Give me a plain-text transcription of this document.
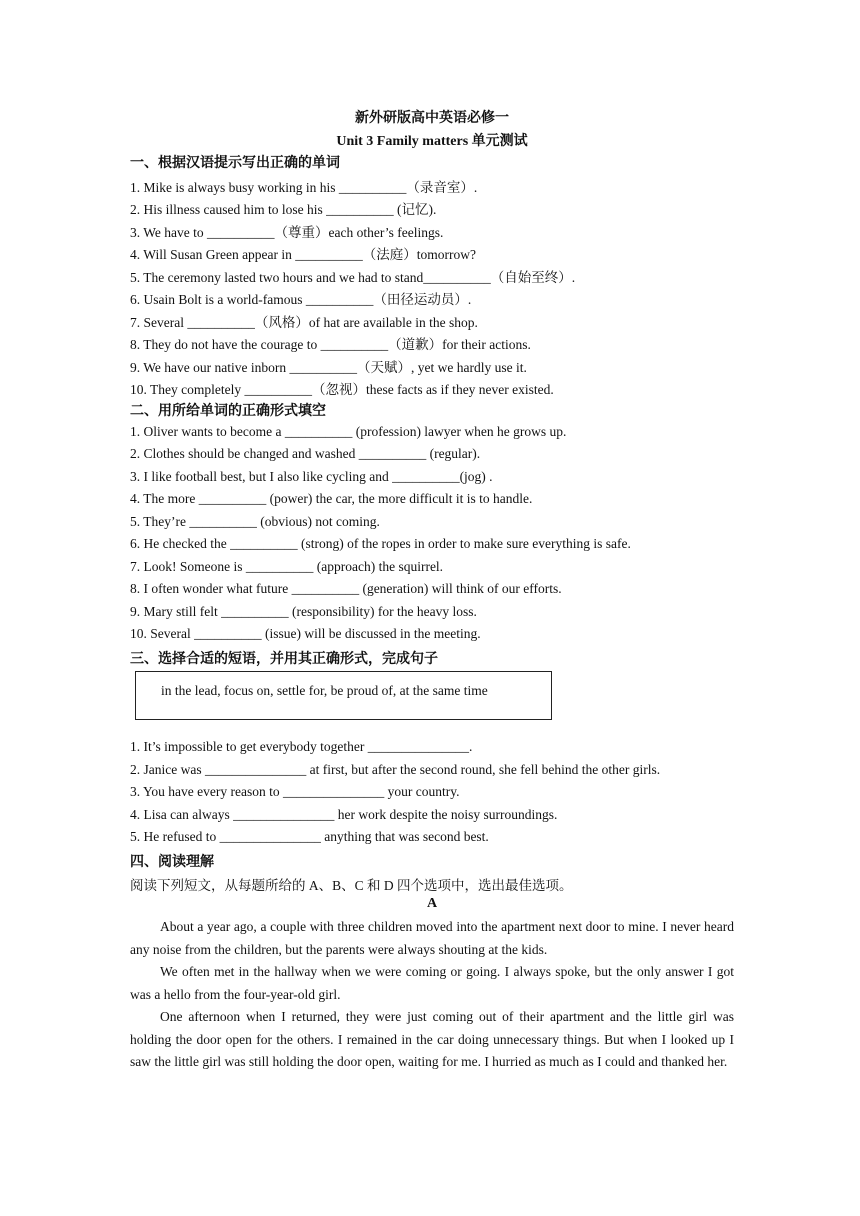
新外研版高中英语必修一
Unit 3 Family matters 单元测试
一、根据汉语提示写出正确的单词
1. Mike is always busy working in his __________（录音室）.
2. His illness caused him to lose his __________ (记忆).
3. We have to __________（尊重）each other’s feelings.
4. Will Susan Green appear in __________（法庭）tomorrow?
5. The ceremony lasted two hours and we had to stand__________（自始至终）.
6. Usain Bolt is a world-famous __________（田径运动员）.
7. Several __________（风格）of hat are available in the shop.
8. They do not have the courage to __________（道歉）for their actions.
9. We have our native inborn __________（天赋）, yet we hardly use it.
10. They completely __________（忽视）these facts as if they never existed.
二、用所给单词的正确形式填空
1. Oliver wants to become a __________ (profession) lawyer when he grows up.
2. Clothes should be changed and washed __________ (regular).
3. I like football best, but I also like cycling and __________(jog) .
4. The more __________ (power) the car, the more difficult it is to handle.
5. They’re __________ (obvious) not coming.
6. He checked the __________ (strong) of the ropes in order to make sure everything is safe.
7. Look! Someone is __________ (approach) the squirrel.
8. I often wonder what future __________ (generation) will think of our efforts.
9. Mary still felt __________ (responsibility) for the heavy loss.
10. Several __________ (issue) will be discussed in the meeting.
三、选择合适的短语，并用其正确形式，完成句子
in the lead, focus on, settle for, be proud of, at the same time
1. It’s impossible to get everybody together _______________.
2. Janice was _______________ at first, but after the second round, she fell behind the other girls.
3. You have every reason to _______________ your country.
4. Lisa can always _______________ her work despite the noisy surroundings.
5. He refused to _______________ anything that was second best.
四、阅读理解
阅读下列短文，从每题所给的 A、B、C 和 D 四个选项中，选出最佳选项。
A
About a year ago, a couple with three children moved into the apartment next door to mine. I never heard any noise from the children, but the parents were always shouting at the kids.
We often met in the hallway when we were coming or going. I always spoke, but the only answer I got was a hello from the four-year-old girl.
One afternoon when I returned, they were just coming out of their apartment and the little girl was holding the door open for the others. I remained in the car doing unnecessary things. But when I looked up I saw the little girl was still holding the door open, waiting for me. I hurried as much as I could and thanked her.
